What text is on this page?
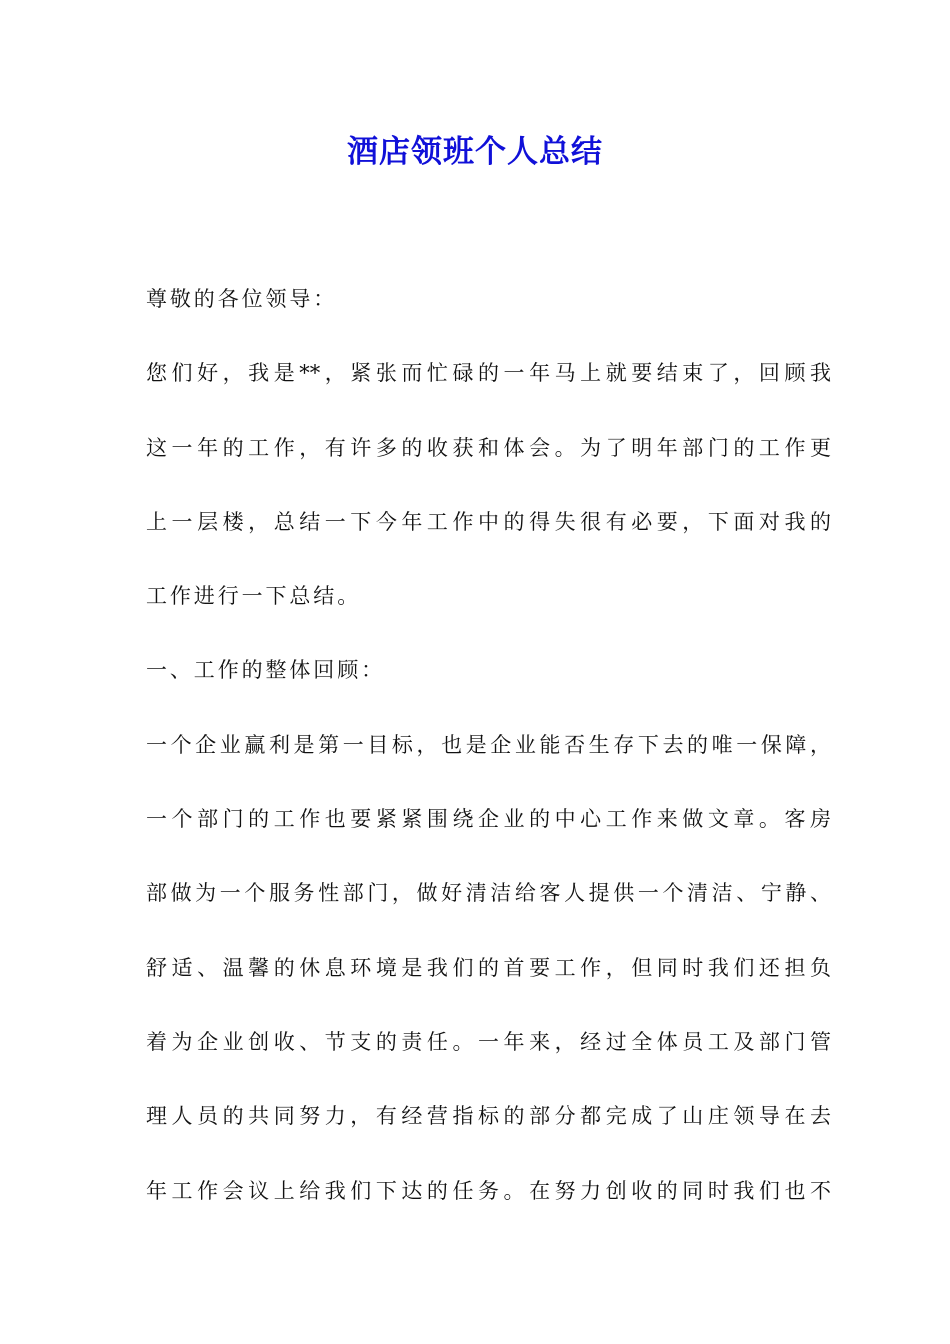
酒店领班个人总结
尊敬的各位领导：
您们好，我是**，紧张而忙碌的一年马上就要结束了，回顾我
这一年的工作，有许多的收获和体会。为了明年部门的工作更
上一层楼，总结一下今年工作中的得失很有必要，下面对我的
工作进行一下总结。
一、工作的整体回顾：
一个企业赢利是第一目标，也是企业能否生存下去的唯一保障，
一个部门的工作也要紧紧围绕企业的中心工作来做文章。客房
部做为一个服务性部门，做好清洁给客人提供一个清洁、宁静、
舒适、温馨的休息环境是我们的首要工作，但同时我们还担负
着为企业创收、节支的责任。一年来，经过全体员工及部门管
理人员的共同努力，有经营指标的部分都完成了山庄领导在去
年工作会议上给我们下达的任务。在努力创收的同时我们也不
